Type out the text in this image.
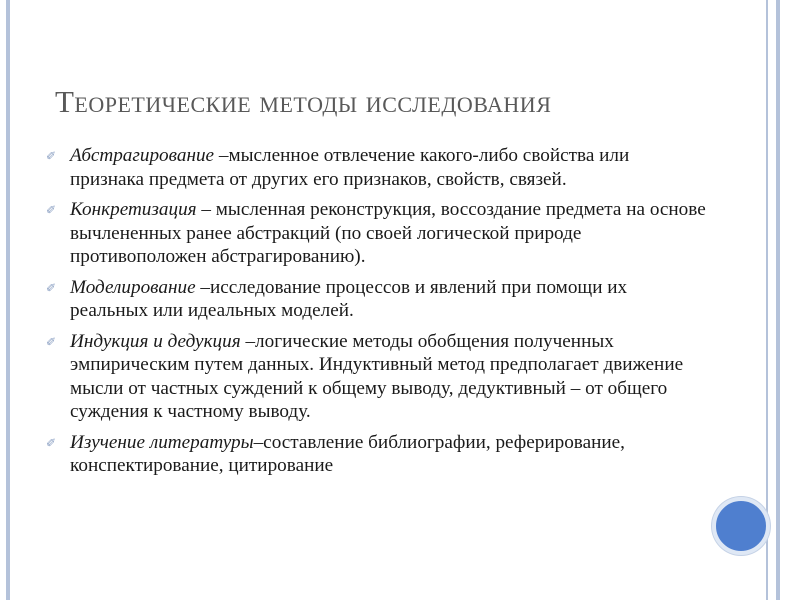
Теоретические методы исследования
✐ Абстрагирование –мысленное отвлечение какого-либо свойства или признака предмета от других его признаков, свойств, связей.
✐ Конкретизация – мысленная реконструкция, воссоздание предмета на основе вычлененных ранее абстракций (по своей логической природе противоположен абстрагированию).
✐ Моделирование –исследование процессов и явлений при помощи их реальных или идеальных моделей.
✐ Индукция и дедукция –логические методы обобщения полученных эмпирическим путем данных. Индуктивный метод предполагает движение мысли от частных суждений к общему выводу, дедуктивный – от общего суждения к частному выводу.
✐ Изучение литературы–составление библиографии, реферирование, конспектирование, цитирование
